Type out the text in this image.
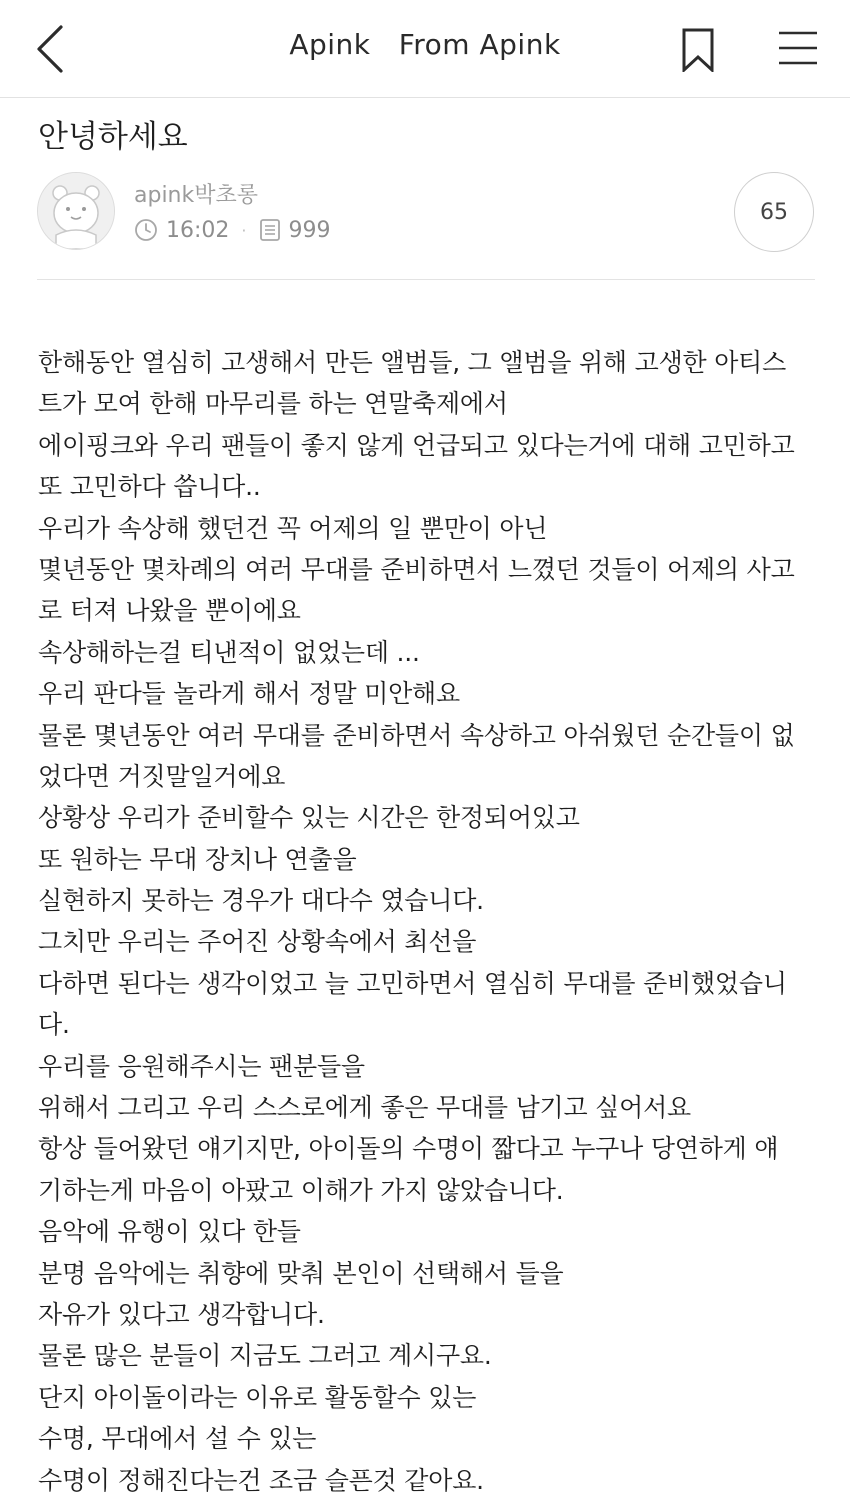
Apink   From Apink
안녕하세요
apink박초롱
16:02 · 999
65
한해동안 열심히 고생해서 만든 앨범들, 그 앨범을 위해 고생한 아티스
트가 모여 한해 마무리를 하는 연말축제에서
에이핑크와 우리 팬들이 좋지 않게 언급되고 있다는거에 대해 고민하고
또 고민하다 씁니다..
우리가 속상해 했던건 꼭 어제의 일 뿐만이 아닌
몇년동안 몇차례의 여러 무대를 준비하면서 느꼈던 것들이 어제의 사고
로 터져 나왔을 뿐이에요
속상해하는걸 티낸적이 없었는데 ...
우리 판다들 놀라게 해서 정말 미안해요
물론 몇년동안 여러 무대를 준비하면서 속상하고 아쉬웠던 순간들이 없
었다면 거짓말일거에요
상황상 우리가 준비할수 있는 시간은 한정되어있고
또 원하는 무대 장치나 연출을
실현하지 못하는 경우가 대다수 였습니다.
그치만 우리는 주어진 상황속에서 최선을
다하면 된다는 생각이었고 늘 고민하면서 열심히 무대를 준비했었습니
다.
우리를 응원해주시는 팬분들을
위해서 그리고 우리 스스로에게 좋은 무대를 남기고 싶어서요
항상 들어왔던 얘기지만, 아이돌의 수명이 짧다고 누구나 당연하게 얘
기하는게 마음이 아팠고 이해가 가지 않았습니다.
음악에 유행이 있다 한들
분명 음악에는 취향에 맞춰 본인이 선택해서 들을
자유가 있다고 생각합니다.
물론 많은 분들이 지금도 그러고 계시구요.
단지 아이돌이라는 이유로 활동할수 있는
수명, 무대에서 설 수 있는
수명이 정해진다는건 조금 슬픈것 같아요.
